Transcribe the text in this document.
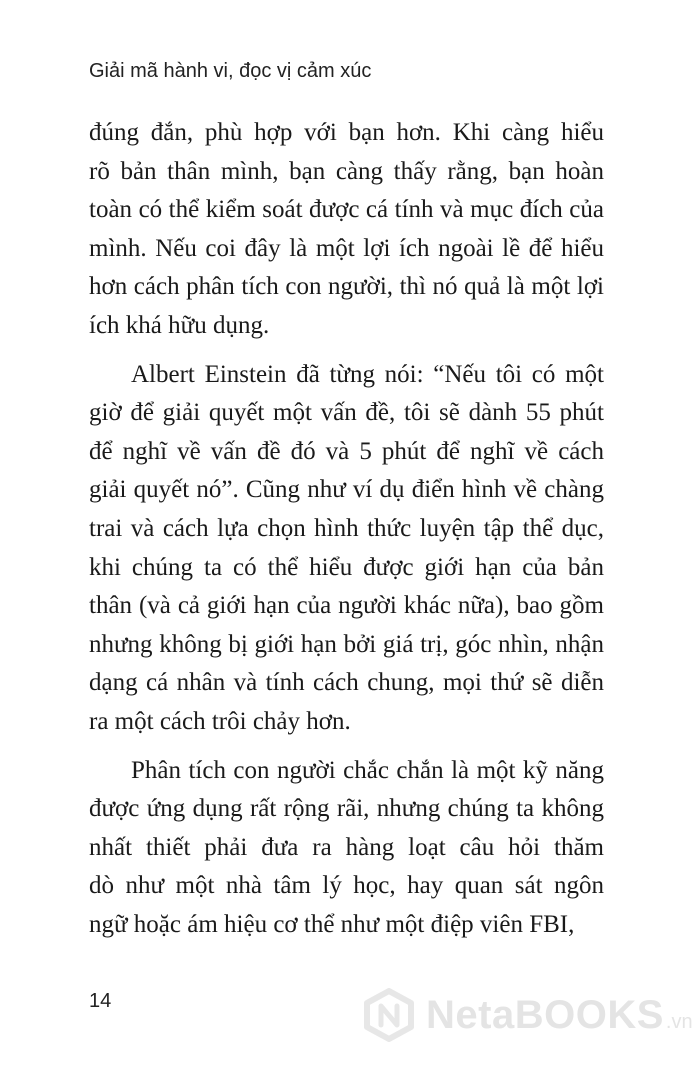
Giải mã hành vi, đọc vị cảm xúc

đúng đắn, phù hợp với bạn hơn. Khi càng hiểu
rõ bản thân mình, bạn càng thấy rằng, bạn hoàn
toàn có thể kiểm soát được cá tính và mục đích của
mình. Nếu coi đây là một lợi ích ngoài lề để hiểu
hơn cách phân tích con người, thì nó quả là một lợi
ích khá hữu dụng.

Albert Einstein đã từng nói: “Nếu tôi có một
giờ để giải quyết một vấn đề, tôi sẽ dành 55 phút
để nghĩ về vấn đề đó và 5 phút để nghĩ về cách
giải quyết nó”. Cũng như ví dụ điển hình về chàng
trai và cách lựa chọn hình thức luyện tập thể dục,
khi chúng ta có thể hiểu được giới hạn của bản
thân (và cả giới hạn của người khác nữa), bao gồm
nhưng không bị giới hạn bởi giá trị, góc nhìn, nhận
dạng cá nhân và tính cách chung, mọi thứ sẽ diễn
ra một cách trôi chảy hơn.

Phân tích con người chắc chắn là một kỹ năng
được ứng dụng rất rộng rãi, nhưng chúng ta không
nhất thiết phải đưa ra hàng loạt câu hỏi thăm
dò như một nhà tâm lý học, hay quan sát ngôn
ngữ hoặc ám hiệu cơ thể như một điệp viên FBI,

14	NetaBOOKS .vn
